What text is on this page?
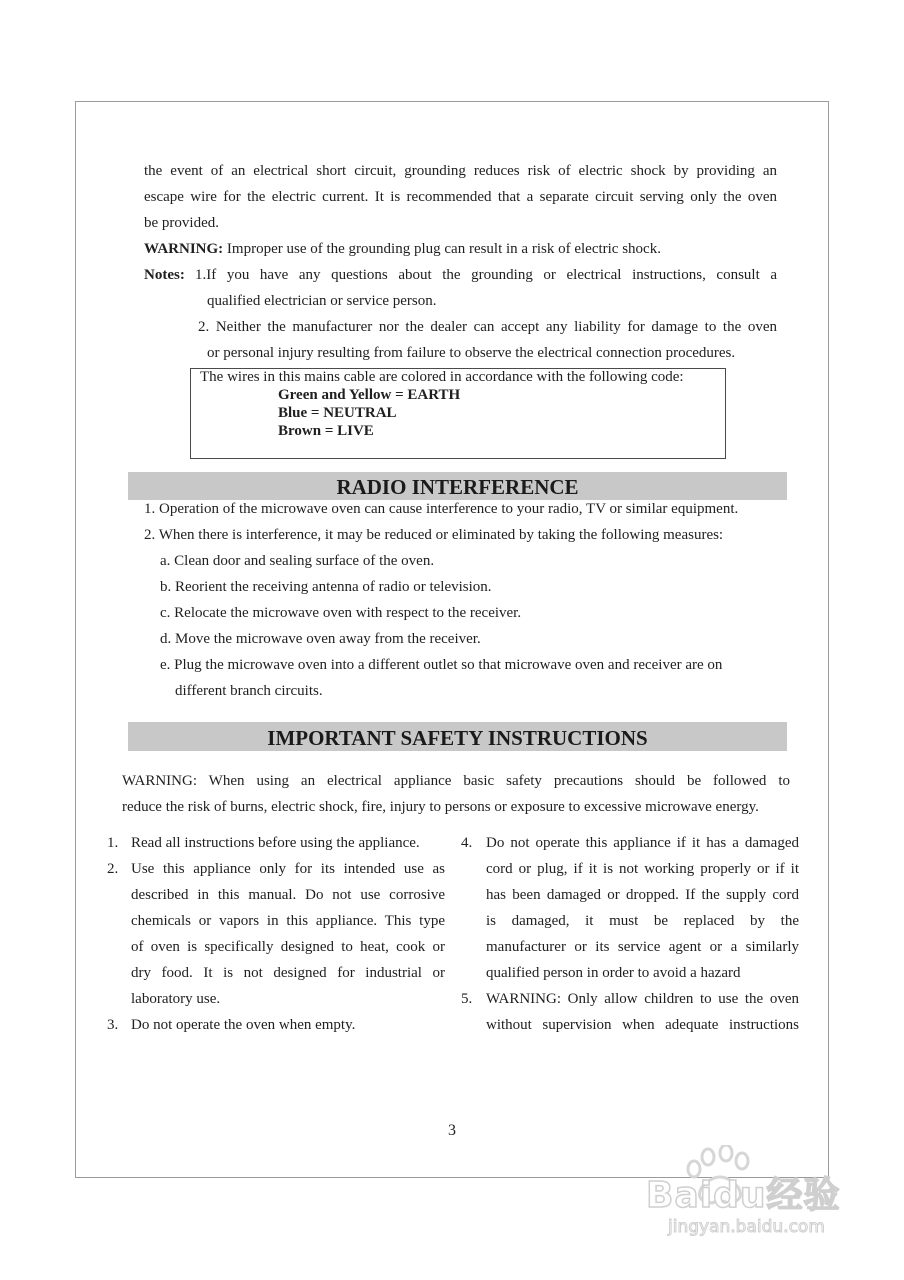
the event of an electrical short circuit, grounding reduces risk of electric shock by providing an
escape wire for the electric current. It is recommended that a separate circuit serving only the oven
be provided.
WARNING: Improper use of the grounding plug can result in a risk of electric shock.
Notes: 1.If you have any questions about the grounding or electrical instructions, consult a
qualified electrician or service person.
2. Neither the manufacturer nor the dealer can accept any liability for damage to the oven
or personal injury resulting from failure to observe the electrical connection procedures.
The wires in this mains cable are colored in accordance with the following code:
Green and Yellow = EARTH
Blue = NEUTRAL
Brown = LIVE
RADIO INTERFERENCE
1. Operation of the microwave oven can cause interference to your radio, TV or similar equipment.
2. When there is interference, it may be reduced or eliminated by taking the following measures:
a. Clean door and sealing surface of the oven.
b. Reorient the receiving antenna of radio or television.
c. Relocate the microwave oven with respect to the receiver.
d. Move the microwave oven away from the receiver.
e. Plug the microwave oven into a different outlet so that microwave oven and receiver are on
different branch circuits.
IMPORTANT SAFETY INSTRUCTIONS
WARNING: When using an electrical appliance basic safety precautions should be followed to
reduce the risk of burns, electric shock, fire, injury to persons or exposure to excessive microwave energy.
1. Read all instructions before using the appliance.
2. Use this appliance only for its intended use as
described in this manual. Do not use corrosive
chemicals or vapors in this appliance. This type
of oven is specifically designed to heat, cook or
dry food. It is not designed for industrial or
laboratory use.
3. Do not operate the oven when empty.
4. Do not operate this appliance if it has a damaged
cord or plug, if it is not working properly or if it
has been damaged or dropped. If the supply cord
is damaged, it must be replaced by the
manufacturer or its service agent or a similarly
qualified person in order to avoid a hazard
5. WARNING: Only allow children to use the oven
without supervision when adequate instructions
3
Baidu经验
jingyan.baidu.com
